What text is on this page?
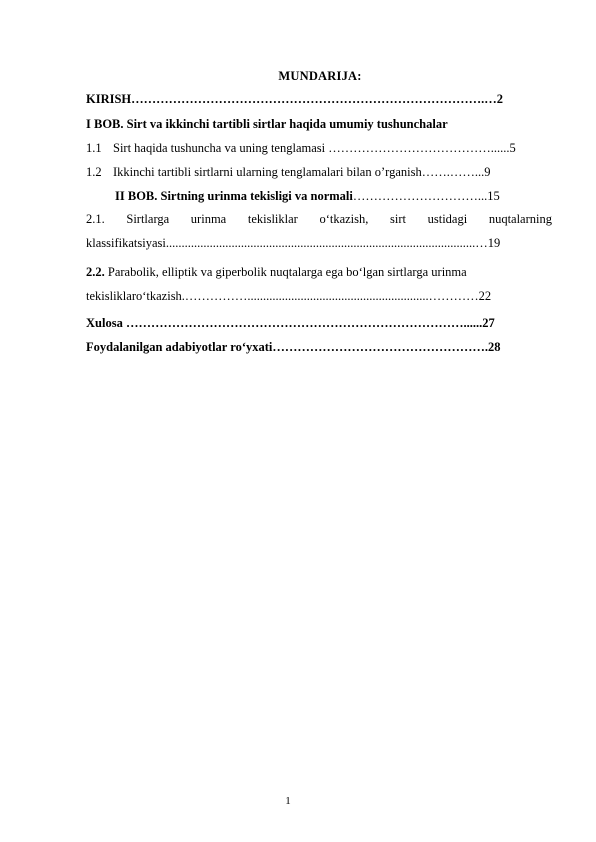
MUNDARIJA:
KIRISH………………………………………………………………………….…2
I BOB. Sirt va ikkinchi tartibli sirtlar haqida umumiy tushunchalar
1.1 Sirt haqida tushuncha va uning tenglamasi …………………………………......5
1.2 Ikkinchi tartibli sirtlarni ularning tenglamalari bilan o’rganish…….……...9
II BOB. Sirtning urinma tekisligi va normali…………………………...15
2.1. Sirtlarga urinma tekisliklar o‘tkazish, sirt ustidagi nuqtalarning
klassifikatsiyasi...................................................................................................…19
2.2. Parabolik, elliptik va giperbolik nuqtalarga ega bo‘lgan sirtlarga urinma
tekisliklaro‘tkazish.……………..........................................................…………22
Xulosa ………………………………………………………………………......27
Foydalanilgan adabiyotlar ro‘yxati…………………………………………….28
1
